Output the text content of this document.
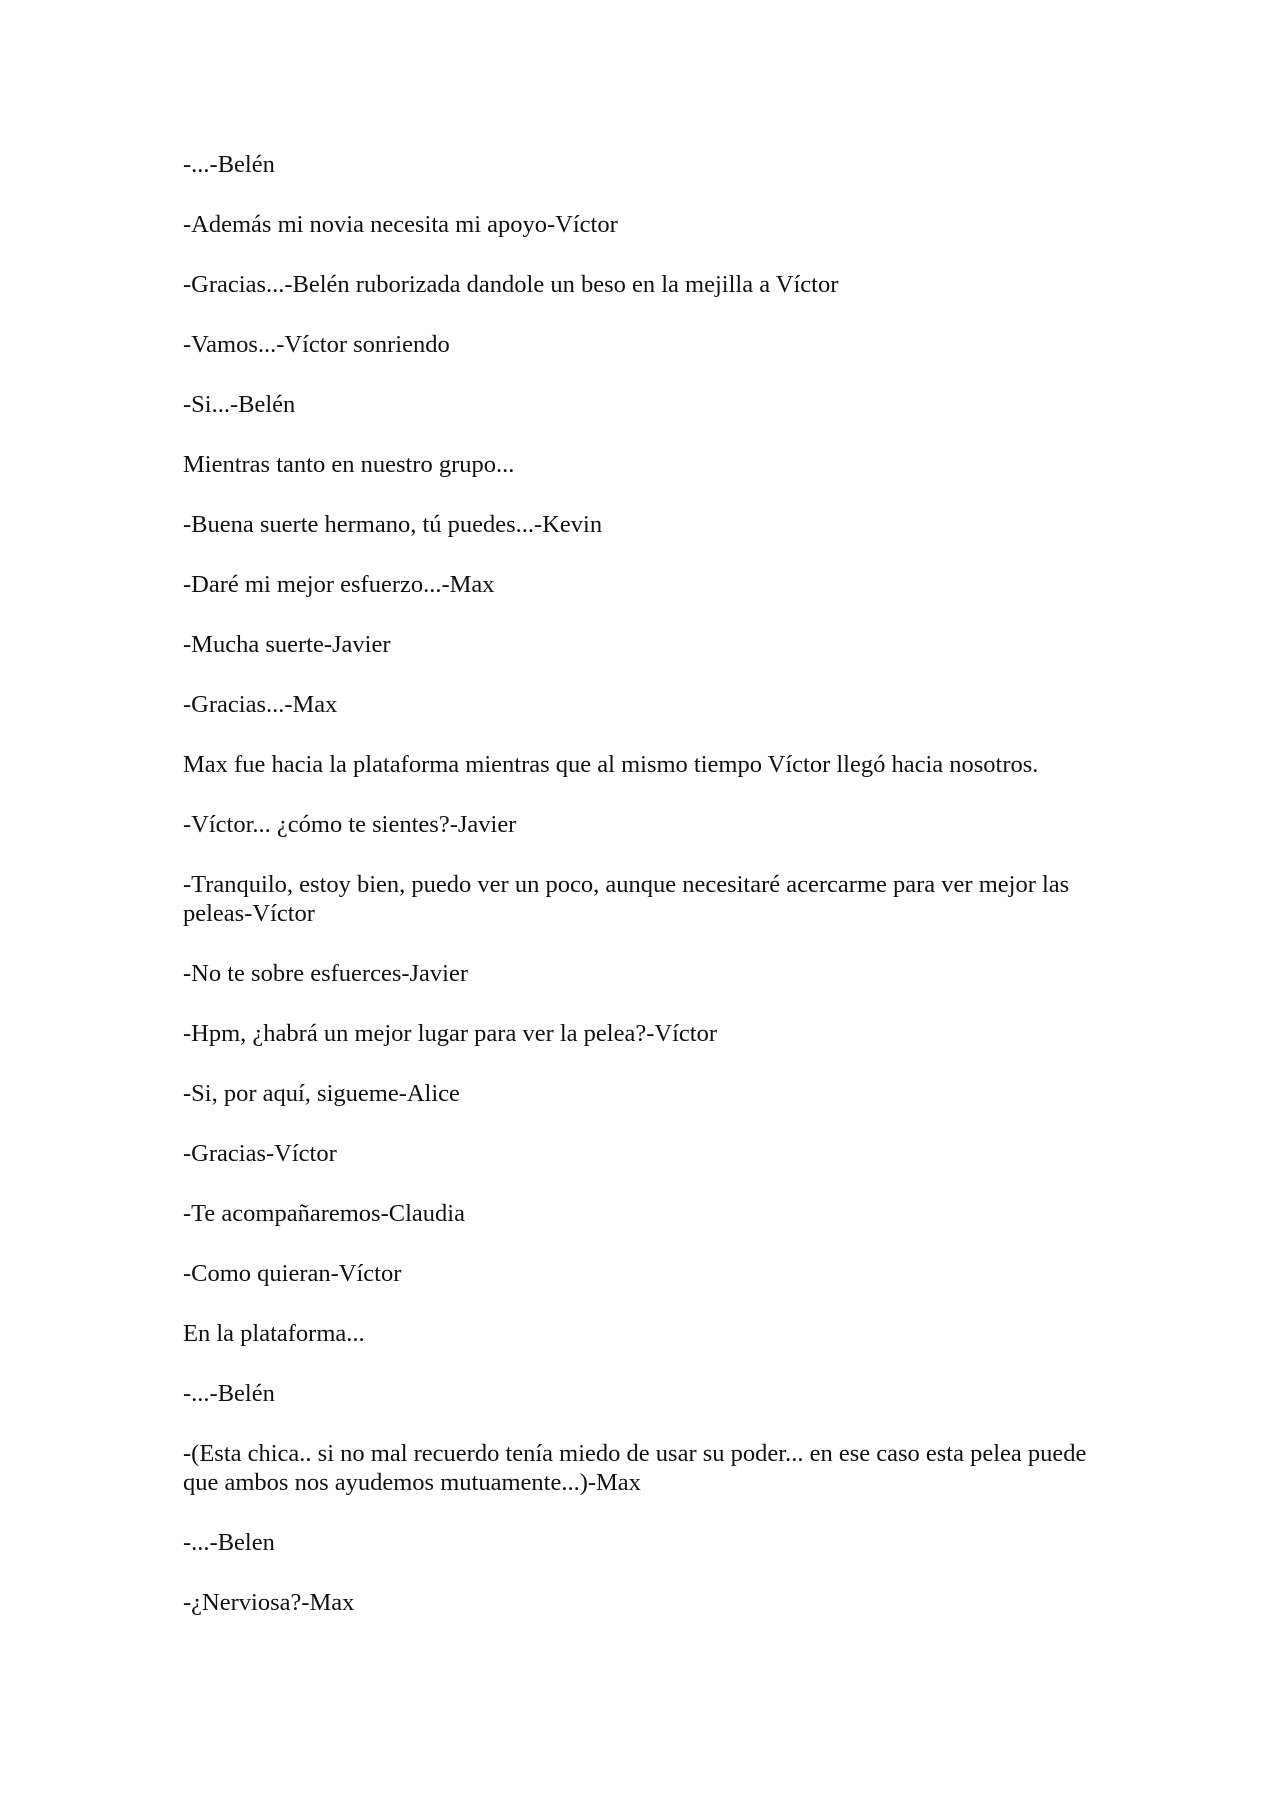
-...-Belén

-Además mi novia necesita mi apoyo-Víctor

-Gracias...-Belén ruborizada dandole un beso en la mejilla a Víctor

-Vamos...-Víctor sonriendo

-Si...-Belén

Mientras tanto en nuestro grupo...

-Buena suerte hermano, tú puedes...-Kevin

-Daré mi mejor esfuerzo...-Max

-Mucha suerte-Javier

-Gracias...-Max

Max fue hacia la plataforma mientras que al mismo tiempo Víctor llegó hacia nosotros.

-Víctor... ¿cómo te sientes?-Javier

-Tranquilo, estoy bien, puedo ver un poco, aunque necesitaré acercarme para ver mejor las peleas-Víctor

-No te sobre esfuerces-Javier

-Hpm, ¿habrá un mejor lugar para ver la pelea?-Víctor

-Si, por aquí, sigueme-Alice

-Gracias-Víctor

-Te acompañaremos-Claudia

-Como quieran-Víctor

En la plataforma...

-...-Belén

-(Esta chica.. si no mal recuerdo tenía miedo de usar su poder... en ese caso esta pelea puede que ambos nos ayudemos mutuamente...)-Max

-...-Belen

-¿Nerviosa?-Max
